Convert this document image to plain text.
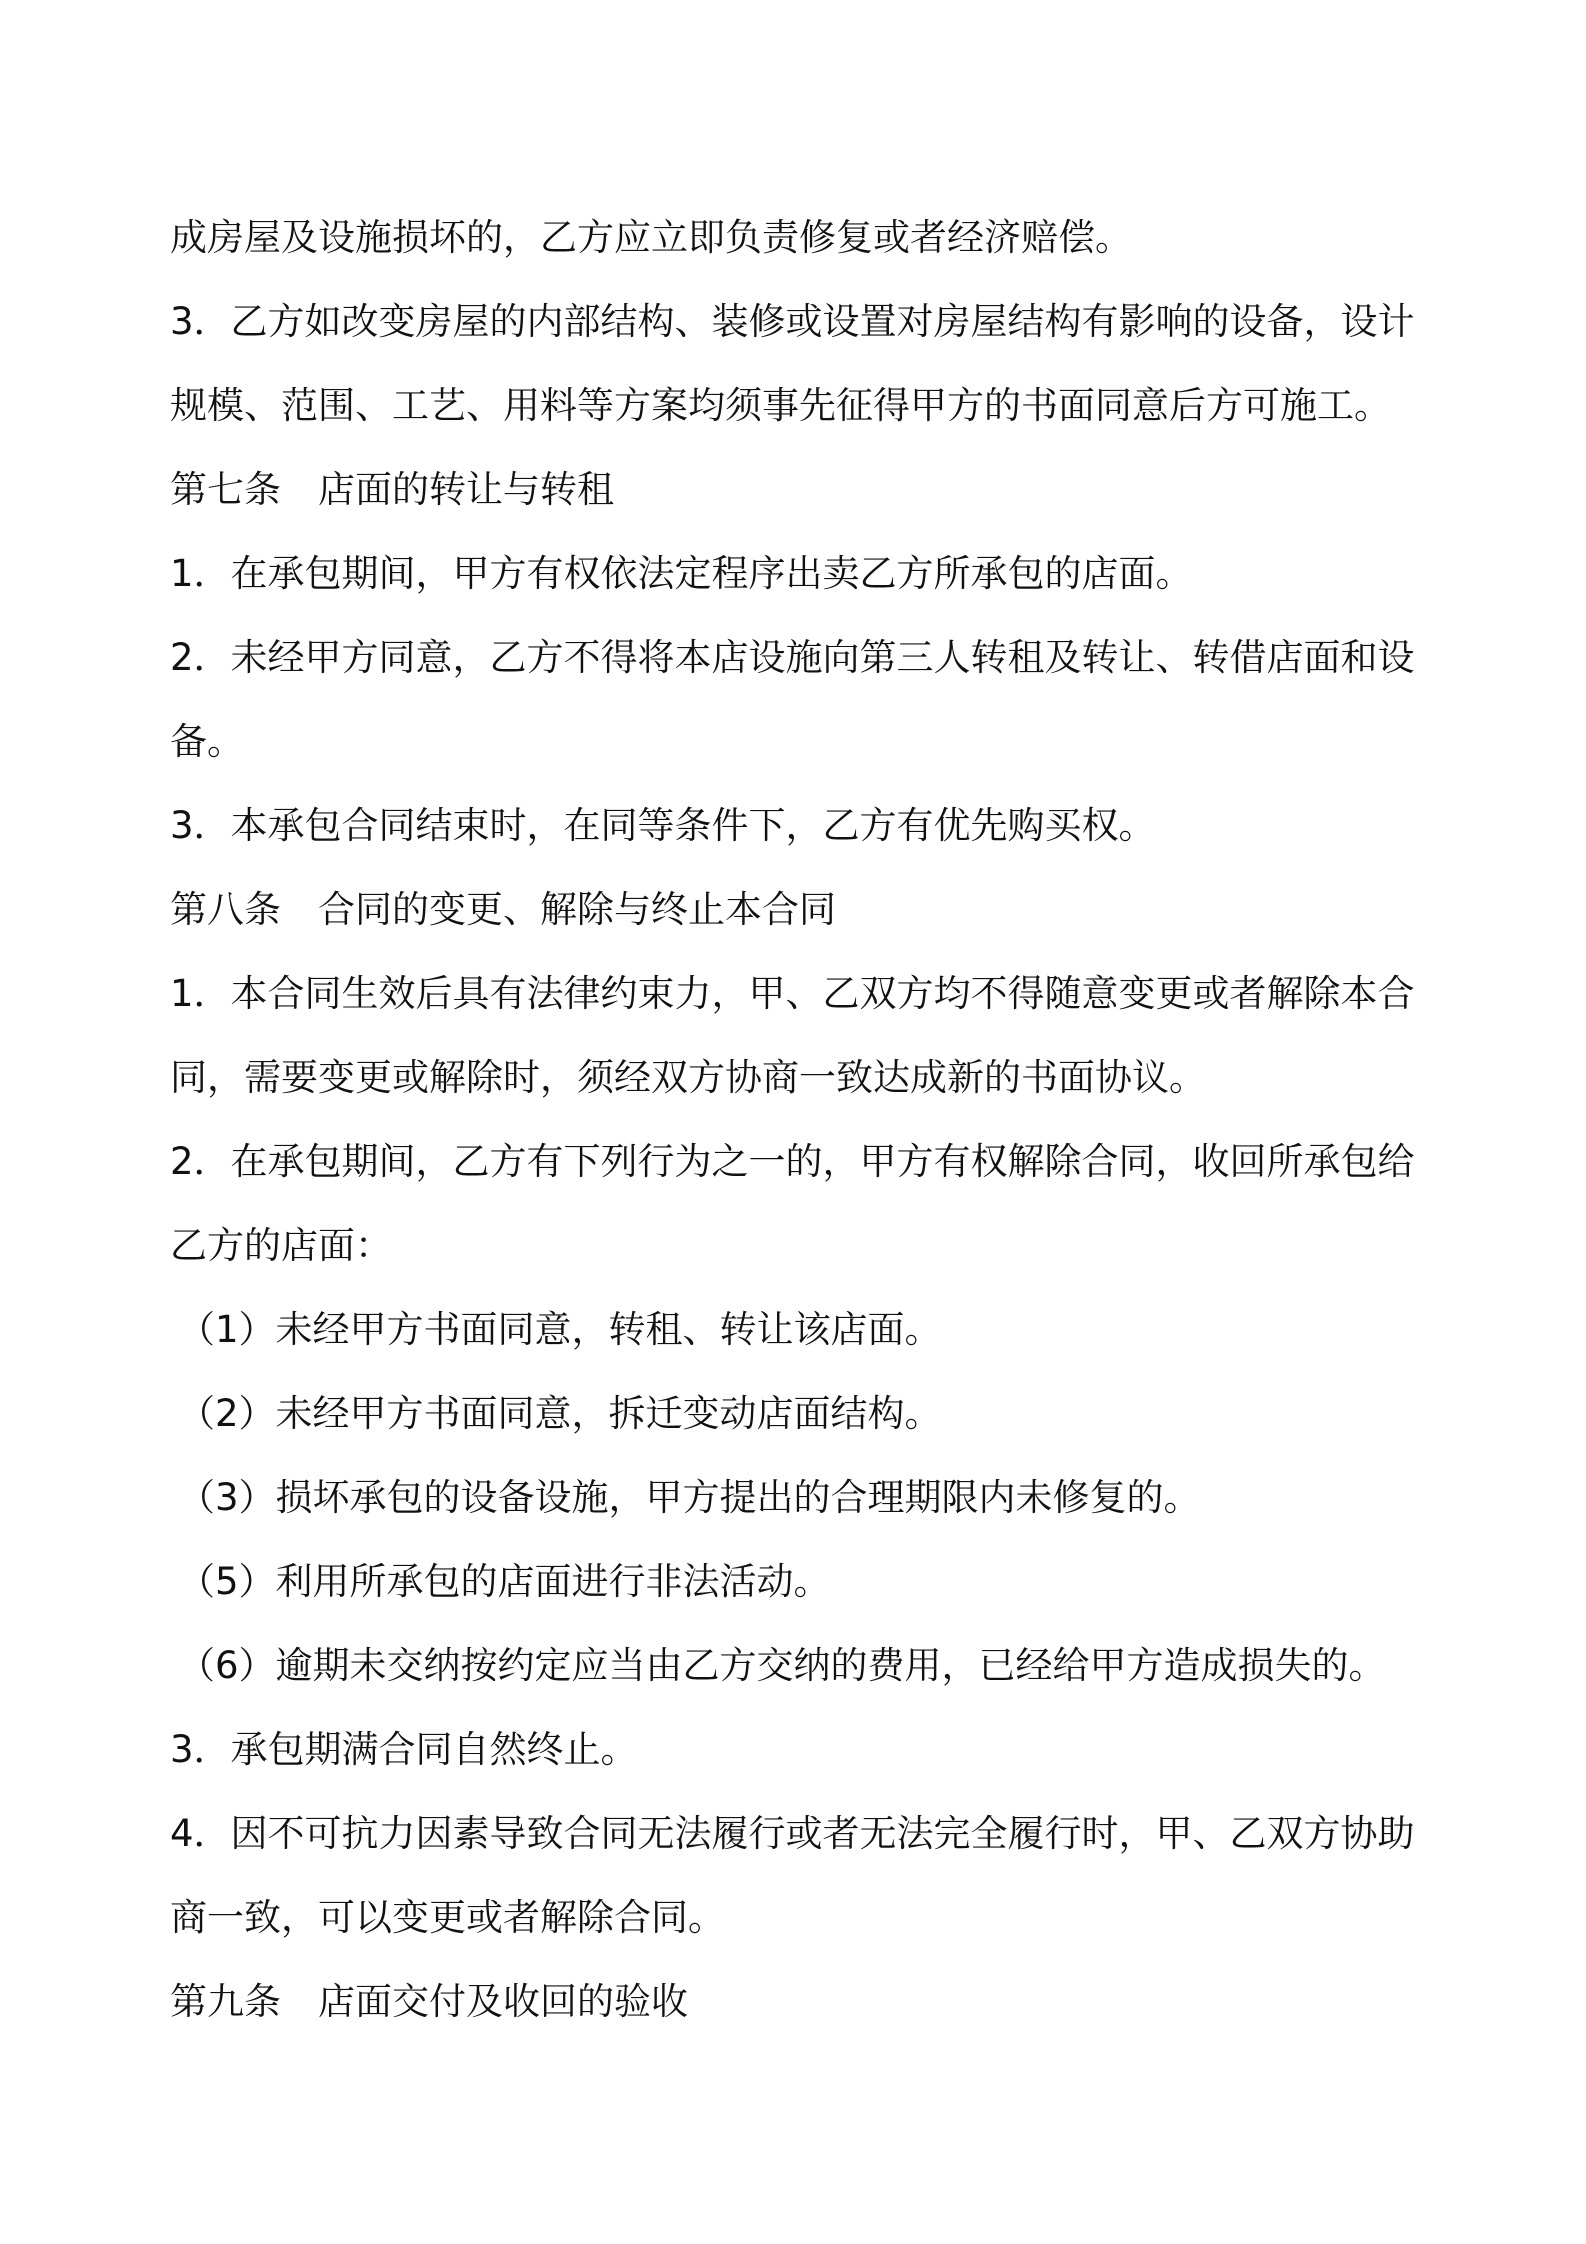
成房屋及设施损坏的，乙方应立即负责修复或者经济赔偿。

3．乙方如改变房屋的内部结构、装修或设置对房屋结构有影响的设备，设计

规模、范围、工艺、用料等方案均须事先征得甲方的书面同意后方可施工。

第七条　店面的转让与转租

1．在承包期间，甲方有权依法定程序出卖乙方所承包的店面。

2．未经甲方同意，乙方不得将本店设施向第三人转租及转让、转借店面和设

备。

3．本承包合同结束时，在同等条件下，乙方有优先购买权。

第八条　合同的变更、解除与终止本合同

1．本合同生效后具有法律约束力，甲、乙双方均不得随意变更或者解除本合

同，需要变更或解除时，须经双方协商一致达成新的书面协议。

2．在承包期间，乙方有下列行为之一的，甲方有权解除合同，收回所承包给

乙方的店面：

（1）未经甲方书面同意，转租、转让该店面。

（2）未经甲方书面同意，拆迁变动店面结构。

（3）损坏承包的设备设施，甲方提出的合理期限内未修复的。

（5）利用所承包的店面进行非法活动。

（6）逾期未交纳按约定应当由乙方交纳的费用，已经给甲方造成损失的。

3．承包期满合同自然终止。

4．因不可抗力因素导致合同无法履行或者无法完全履行时，甲、乙双方协助

商一致，可以变更或者解除合同。

第九条　店面交付及收回的验收
